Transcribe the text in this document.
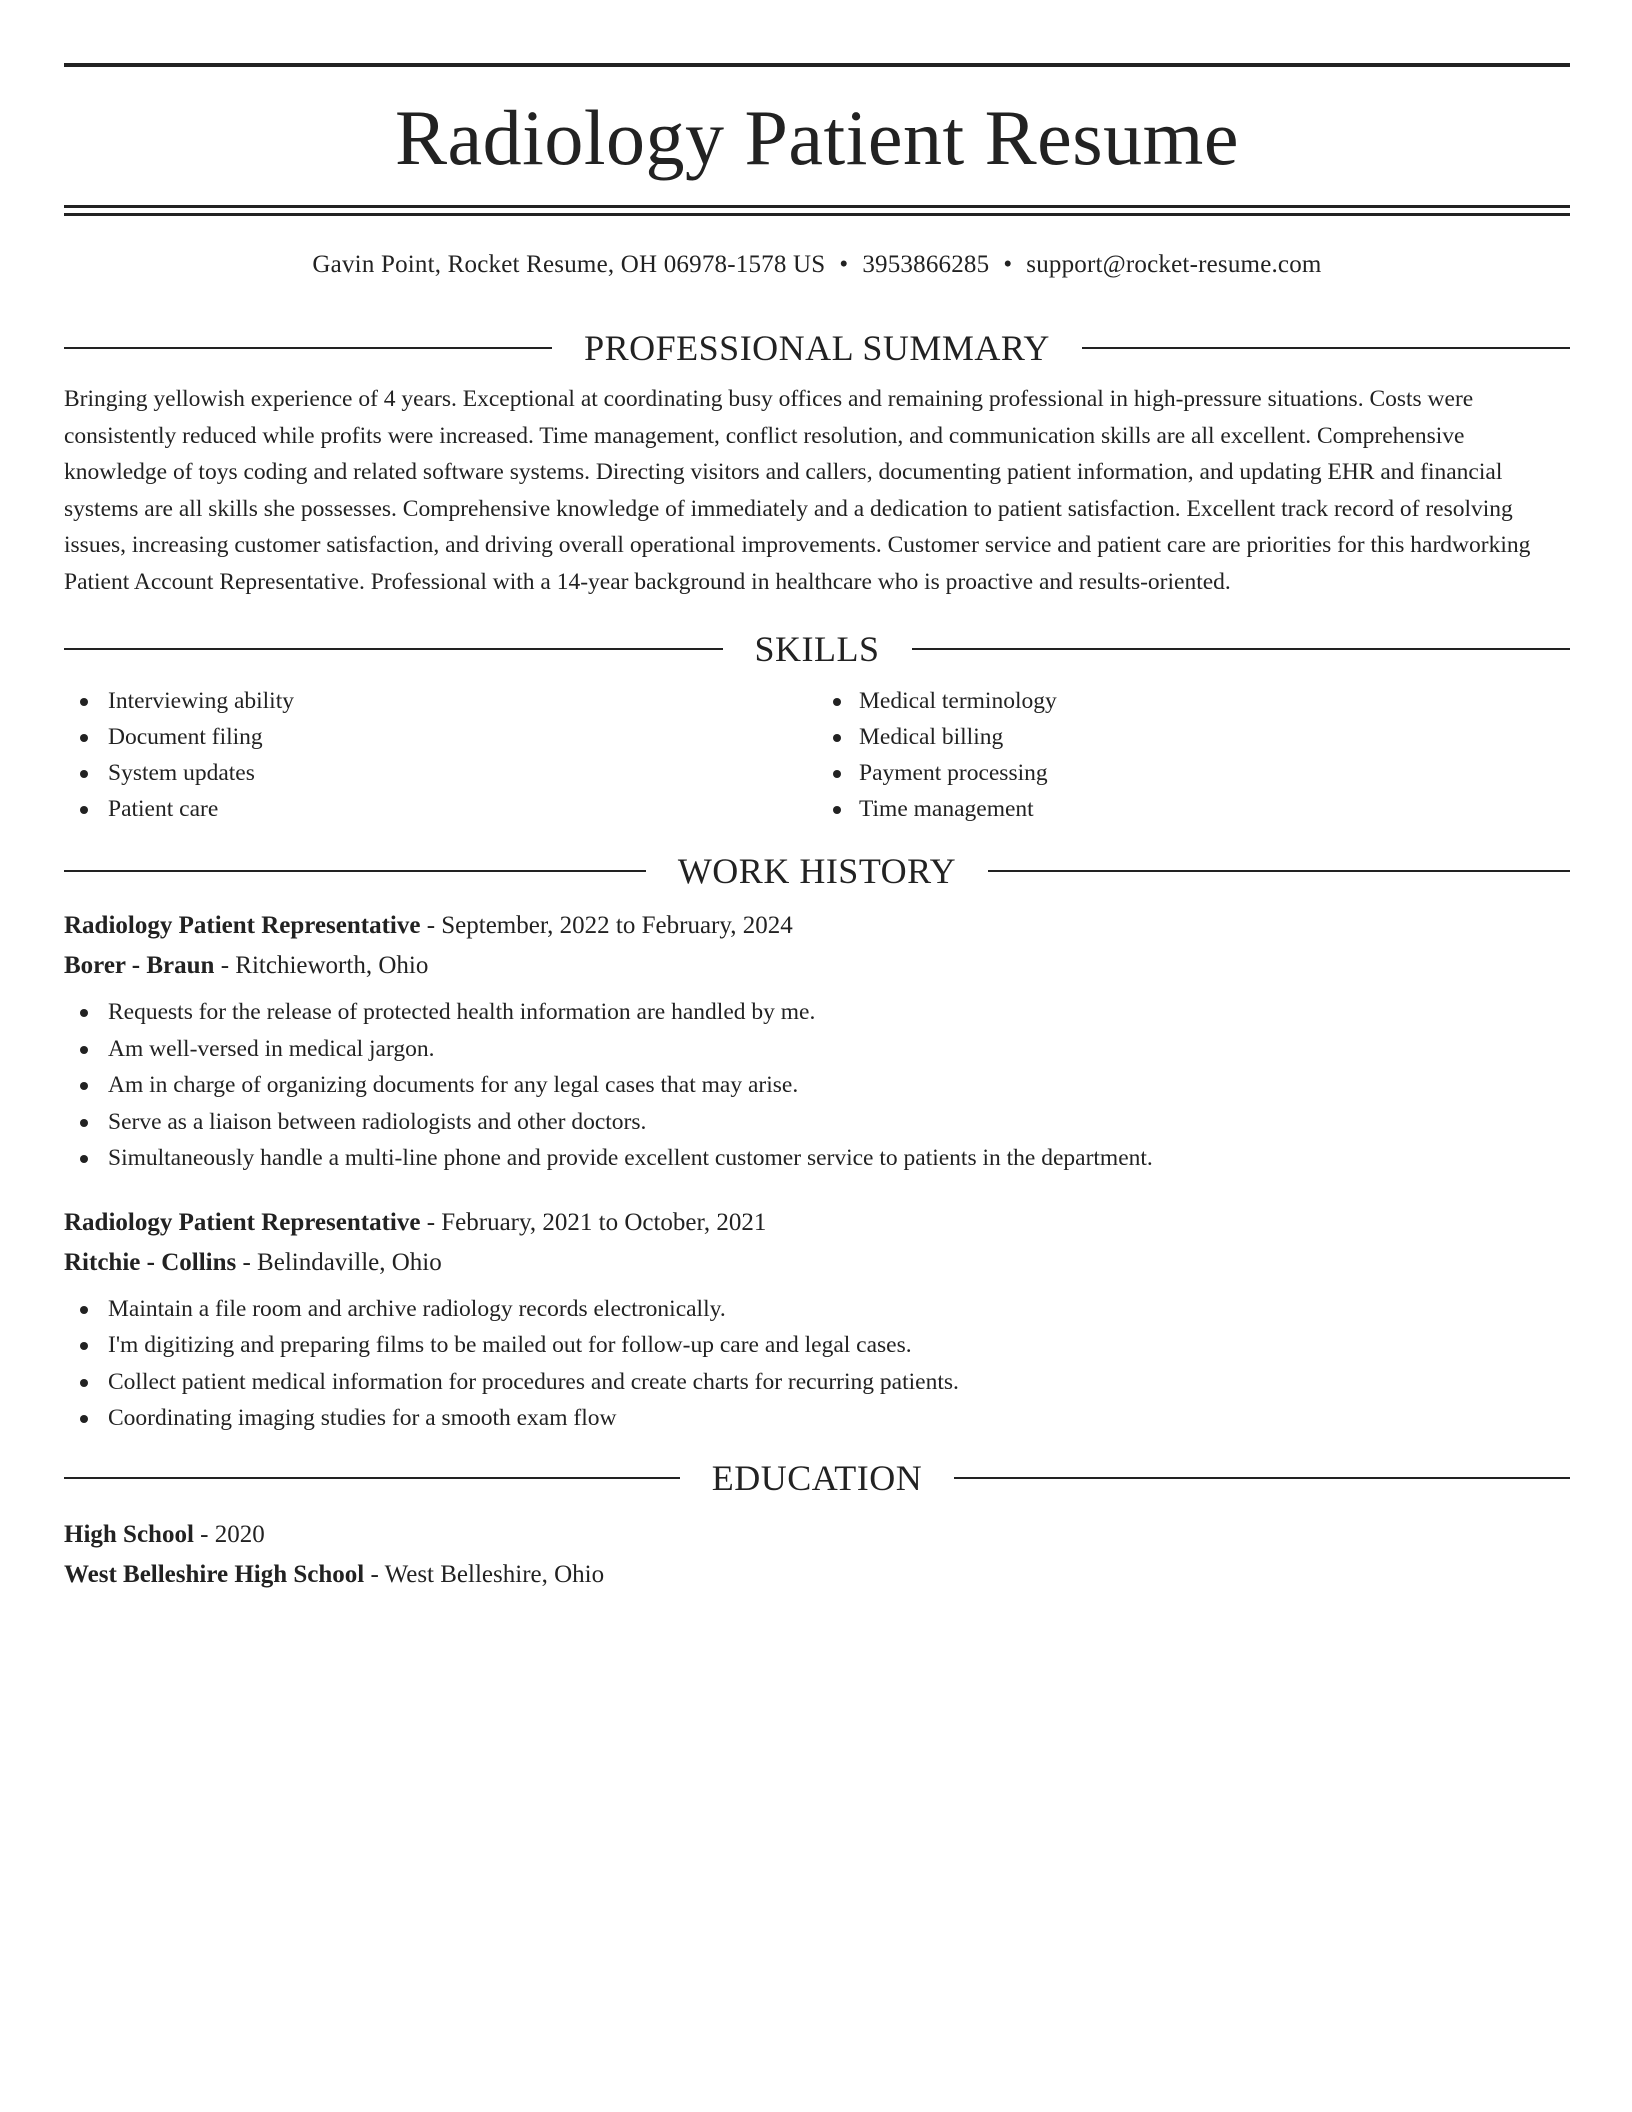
Radiology Patient Resume
Gavin Point, Rocket Resume, OH 06978-1578 US • 3953866285 • support@rocket-resume.com
PROFESSIONAL SUMMARY

Bringing yellowish experience of 4 years. Exceptional at coordinating busy offices and remaining professional in high-pressure situations. Costs were consistently reduced while profits were increased. Time management, conflict resolution, and communication skills are all excellent. Comprehensive knowledge of toys coding and related software systems. Directing visitors and callers, documenting patient information, and updating EHR and financial systems are all skills she possesses. Comprehensive knowledge of immediately and a dedication to patient satisfaction. Excellent track record of resolving issues, increasing customer satisfaction, and driving overall operational improvements. Customer service and patient care are priorities for this hardworking Patient Account Representative. Professional with a 14-year background in healthcare who is proactive and results-oriented.

SKILLS
Interviewing ability
Document filing
System updates
Patient care
Medical terminology
Medical billing
Payment processing
Time management
WORK HISTORY
Radiology Patient Representative - September, 2022 to February, 2024
Borer - Braun - Ritchieworth, Ohio
Requests for the release of protected health information are handled by me.
Am well-versed in medical jargon.
Am in charge of organizing documents for any legal cases that may arise.
Serve as a liaison between radiologists and other doctors.
Simultaneously handle a multi-line phone and provide excellent customer service to patients in the department.
Radiology Patient Representative - February, 2021 to October, 2021
Ritchie - Collins - Belindaville, Ohio
Maintain a file room and archive radiology records electronically.
I'm digitizing and preparing films to be mailed out for follow-up care and legal cases.
Collect patient medical information for procedures and create charts for recurring patients.
Coordinating imaging studies for a smooth exam flow
EDUCATION
High School - 2020
West Belleshire High School - West Belleshire, Ohio
